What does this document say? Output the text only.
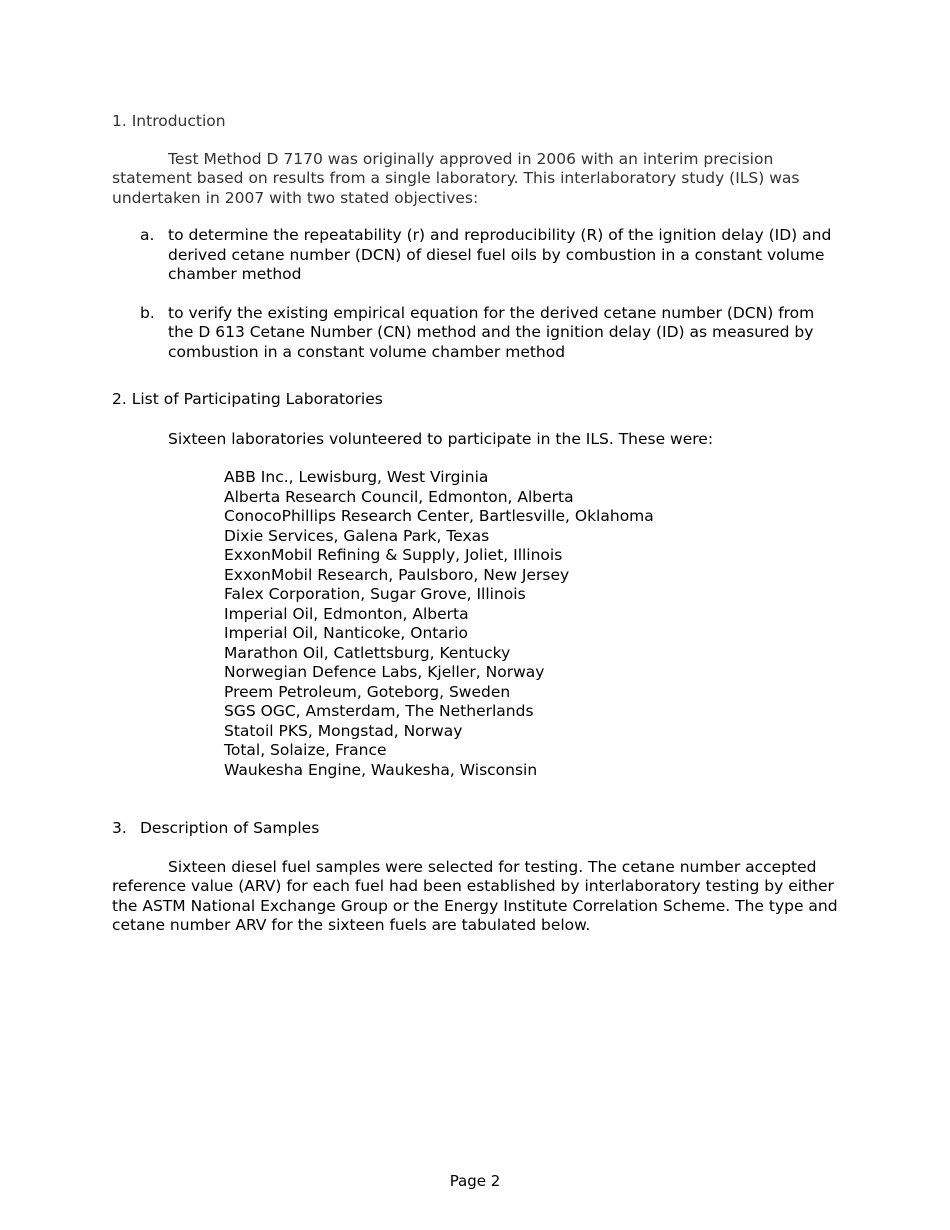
1. Introduction

Test Method D 7170 was originally approved in 2006 with an interim precision statement based on results from a single laboratory. This interlaboratory study (ILS) was undertaken in 2007 with two stated objectives:

a. to determine the repeatability (r) and reproducibility (R) of the ignition delay (ID) and derived cetane number (DCN) of diesel fuel oils by combustion in a constant volume chamber method
b. to verify the existing empirical equation for the derived cetane number (DCN) from the D 613 Cetane Number (CN) method and the ignition delay (ID) as measured by combustion in a constant volume chamber method
2. List of Participating Laboratories

Sixteen laboratories volunteered to participate in the ILS. These were:

ABB Inc., Lewisburg, West Virginia
Alberta Research Council, Edmonton, Alberta
ConocoPhillips Research Center, Bartlesville, Oklahoma
Dixie Services, Galena Park, Texas
ExxonMobil Refining & Supply, Joliet, Illinois
ExxonMobil Research, Paulsboro, New Jersey
Falex Corporation, Sugar Grove, Illinois
Imperial Oil, Edmonton, Alberta
Imperial Oil, Nanticoke, Ontario
Marathon Oil, Catlettsburg, Kentucky
Norwegian Defence Labs, Kjeller, Norway
Preem Petroleum, Goteborg, Sweden
SGS OGC, Amsterdam, The Netherlands
Statoil PKS, Mongstad, Norway
Total, Solaize, France
Waukesha Engine, Waukesha, Wisconsin
3. Description of Samples

Sixteen diesel fuel samples were selected for testing. The cetane number accepted reference value (ARV) for each fuel had been established by interlaboratory testing by either the ASTM National Exchange Group or the Energy Institute Correlation Scheme. The type and cetane number ARV for the sixteen fuels are tabulated below.

Page 2
